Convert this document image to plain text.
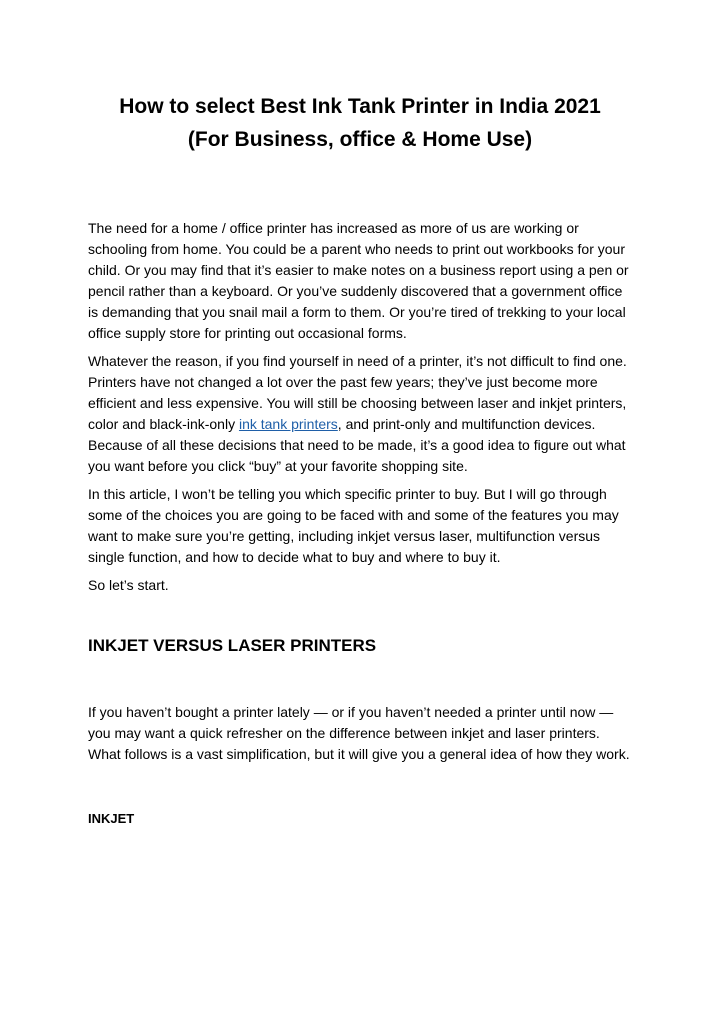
How to select Best Ink Tank Printer in India 2021
(For Business, office & Home Use)

The need for a home / office printer has increased as more of us are working or schooling from home. You could be a parent who needs to print out workbooks for your child. Or you may find that it’s easier to make notes on a business report using a pen or pencil rather than a keyboard. Or you’ve suddenly discovered that a government office is demanding that you snail mail a form to them. Or you’re tired of trekking to your local office supply store for printing out occasional forms.

Whatever the reason, if you find yourself in need of a printer, it’s not difficult to find one. Printers have not changed a lot over the past few years; they’ve just become more efficient and less expensive. You will still be choosing between laser and inkjet printers, color and black-ink-only ink tank printers, and print-only and multifunction devices. Because of all these decisions that need to be made, it’s a good idea to figure out what you want before you click “buy” at your favorite shopping site.

In this article, I won’t be telling you which specific printer to buy. But I will go through some of the choices you are going to be faced with and some of the features you may want to make sure you’re getting, including inkjet versus laser, multifunction versus single function, and how to decide what to buy and where to buy it.

So let’s start.

INKJET VERSUS LASER PRINTERS

If you haven’t bought a printer lately — or if you haven’t needed a printer until now — you may want a quick refresher on the difference between inkjet and laser printers. What follows is a vast simplification, but it will give you a general idea of how they work.

INKJET
